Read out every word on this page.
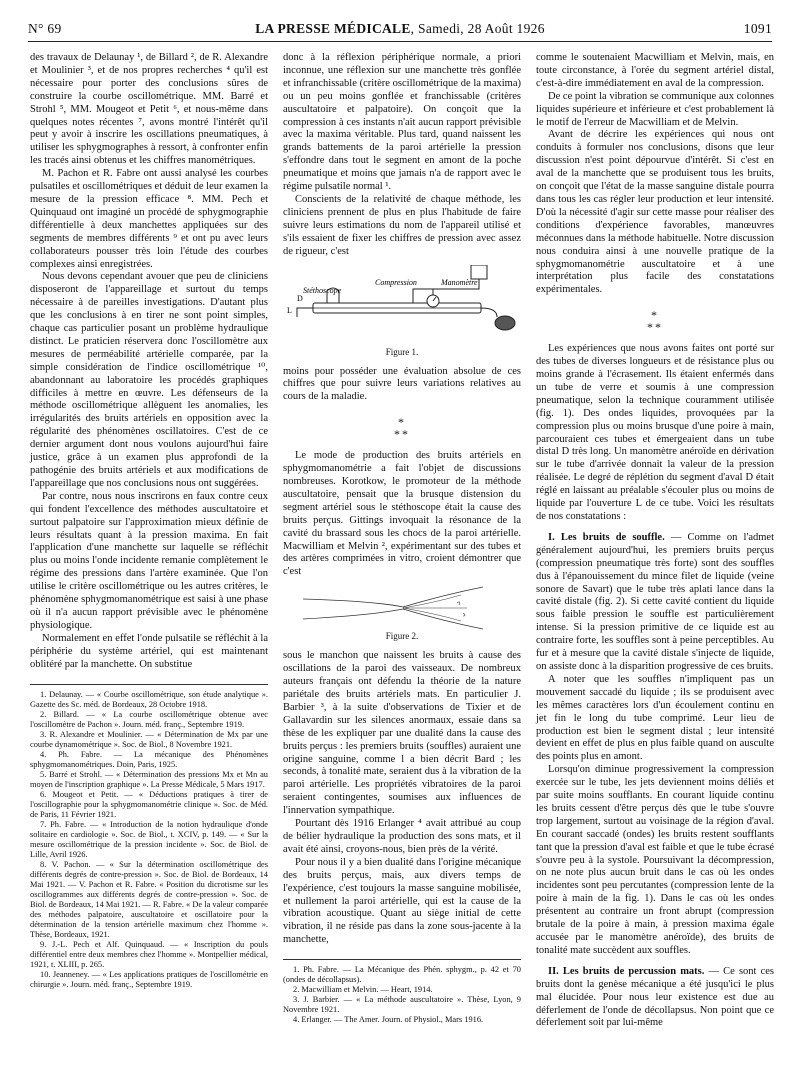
N° 69	LA PRESSE MÉDICALE, Samedi, 28 Août 1926	1091

des travaux de Delaunay ¹, de Billard ², de R. Alexandre et Moulinier ³, et de nos propres recherches ⁴ qu'il est nécessaire pour porter des conclusions sûres de construire la courbe oscillométrique. MM. Barré et Strohl ⁵, MM. Mougeot et Petit ⁶, et nous-même dans quelques notes récentes ⁷, avons montré l'intérêt qu'il peut y avoir à inscrire les oscillations pneumatiques, à utiliser les sphygmographes à ressort, à confronter enfin les tracés ainsi obtenus et les chiffres manométriques.

M. Pachon et R. Fabre ont aussi analysé les courbes pulsatiles et oscillométriques et déduit de leur examen la mesure de la pression efficace ⁸. MM. Pech et Quinquaud ont imaginé un procédé de sphygmographie différentielle à deux manchettes appliquées sur des segments de membres différents ⁹ et ont pu avec leurs collaborateurs pousser très loin l'étude des courbes complexes ainsi enregistrées.

Nous devons cependant avouer que peu de cliniciens disposeront de l'appareillage et surtout du temps nécessaire à de pareilles investigations. D'autant plus que les conclusions à en tirer ne sont point simples, chaque cas particulier posant un problème hydraulique distinct. Le praticien réservera donc l'oscillomètre aux mesures de perméabilité artérielle comparée, par la simple considération de l'indice oscillométrique ¹⁰, abandonnant au laboratoire les procédés graphiques difficiles à mettre en œuvre. Les défenseurs de la méthode oscillométrique allèguent les anomalies, les irrégularités des bruits artériels en opposition avec la régularité des phénomènes oscillatoires. C'est de ce dernier argument dont nous voulons aujourd'hui faire justice, grâce à un examen plus approfondi de la pathogénie des bruits artériels et aux modifications de l'appareillage que nos conclusions nous ont suggérées.

Par contre, nous nous inscrirons en faux contre ceux qui fondent l'excellence des méthodes auscultatoire et surtout palpatoire sur l'approximation mieux définie de leurs résultats quant à la pression maxima. En fait l'application d'une manchette sur laquelle se réfléchit plus ou moins l'onde incidente remanie complètement le régime des pressions dans l'artère examinée. Que l'on utilise le critère oscillométrique ou les autres critères, le phénomène sphygmomanométrique est saisi à une phase où il n'a aucun rapport prévisible avec le phénomène physiologique.

Normalement en effet l'onde pulsatile se réfléchit à la périphérie du système artériel, qui est maintenant oblitéré par la manchette. On substitue

1. Delaunay. — « Courbe oscillométrique, son étude analytique ». Gazette des Sc. méd. de Bordeaux, 28 Octobre 1918.
2. Billard. — « La courbe oscillométrique obtenue avec l'oscillomètre de Pachon ». Journ. méd. franç., Septembre 1919.
3. R. Alexandre et Moulinier. — « Détermination de Mx par une courbe dynamométrique ». Soc. de Biol., 8 Novembre 1921.
4. Ph. Fabre. — La mécanique des Phénomènes sphygmomanométriques. Doin, Paris, 1925.
5. Barré et Strohl. — « Détermination des pressions Mx et Mn au moyen de l'inscription graphique ». La Presse Médicale, 5 Mars 1917.
6. Mougeot et Petit. — « Déductions pratiques à tirer de l'oscillographie pour la sphygmomanométrie clinique ». Soc. de Méd. de Paris, 11 Février 1921.
7. Ph. Fabre. — « Introduction de la notion hydraulique d'onde solitaire en cardiologie ». Soc. de Biol., t. XCIV, p. 149. — « Sur la mesure oscillométrique de la pression incidente ». Soc. de Biol. de Lille, Avril 1926.
8. V. Pachon. — « Sur la détermination oscillométrique des différents degrés de contre-pression ». Soc. de Biol. de Bordeaux, 14 Mai 1921. — V. Pachon et R. Fabre. « Position du dicrotisme sur les oscillogrammes aux différents degrés de contre-pression ». Soc. de Biol. de Bordeaux, 14 Mai 1921. — R. Fabre. « De la valeur comparée des méthodes palpatoire, auscultatoire et oscillatoire pour la détermination de la tension artérielle maximum chez l'homme ». Thèse, Bordeaux, 1921.
9. J.-L. Pech et Alf. Quinquaud. — « Inscription du pouls différentiel entre deux membres chez l'homme ». Montpellier médical, 1921, t. XLIII, p. 265.
10. Jeanneney. — « Les applications pratiques de l'oscillométrie en chirurgie ». Journ. méd. franç., Septembre 1919.

donc à la réflexion périphérique normale, a priori inconnue, une réflexion sur une manchette très gonflée et infranchissable (critère oscillométrique de la maxima) ou un peu moins gonflée et franchissable (critères auscultatoire et palpatoire). On conçoit que la compression à ces instants n'ait aucun rapport prévisible avec la maxima véritable. Plus tard, quand naissent les grands battements de la paroi artérielle la pression s'effondre dans tout le segment en amont de la poche pneumatique et moins que jamais n'a de rapport avec le régime pulsatile normal ¹.

Conscients de la relativité de chaque méthode, les cliniciens prennent de plus en plus l'habitude de faire suivre leurs estimations du nom de l'appareil utilisé et s'ils essaient de fixer les chiffres de pression avec assez de rigueur, c'est

Compression	Manomètre
Stéthoscope
L
D

Figure 1.

moins pour posséder une évaluation absolue de ces chiffres que pour suivre leurs variations relatives au cours de la maladie.

*
**

Le mode de production des bruits artériels en sphygmomanométrie a fait l'objet de discussions nombreuses. Korotkow, le promoteur de la méthode auscultatoire, pensait que la brusque distension du segment artériel sous le stéthoscope était la cause des bruits perçus. Gittings invoquait la résonance de la cavité du brassard sous les chocs de la paroi artérielle. Macwilliam et Melvin ², expérimentant sur des tubes et des artères comprimées in vitro, croient démontrer que c'est

Figure 2.

sous le manchon que naissent les bruits à cause des oscillations de la paroi des vaisseaux. De nombreux auteurs français ont défendu la théorie de la nature pariétale des bruits artériels mats. En particulier J. Barbier ³, à la suite d'observations de Tixier et de Gallavardin sur les silences anormaux, essaie dans sa thèse de les expliquer par une dualité dans la cause des bruits perçus : les premiers bruits (souffles) auraient une origine sanguine, comme l a bien décrit Bard ; les seconds, à tonalité mate, seraient dus à la vibration de la paroi artérielle. Les propriétés vibratoires de la paroi seraient contingentes, soumises aux influences de l'innervation sympathique.

Pourtant dès 1916 Erlanger ⁴ avait attribué au coup de bélier hydraulique la production des sons mats, et il avait été ainsi, croyons-nous, bien près de la vérité.

Pour nous il y a bien dualité dans l'origine mécanique des bruits perçus, mais, aux divers temps de l'expérience, c'est toujours la masse sanguine mobilisée, et nullement la paroi artérielle, qui est la cause de la vibration acoustique. Quant au siège initial de cette vibration, il ne réside pas dans la zone sous-jacente à la manchette,

1. Ph. Fabre. — La Mécanique des Phén. sphygm., p. 42 et 70 (ondes de décollapsus).
2. Macwilliam et Melvin. — Heart, 1914.
3. J. Barbier. — « La méthode auscultatoire ». Thèse, Lyon, 9 Novembre 1921.
4. Erlanger. — The Amer. Journ. of Physiol., Mars 1916.

comme le soutenaient Macwilliam et Melvin, mais, en toute circonstance, à l'orée du segment artériel distal, c'est-à-dire immédiatement en aval de la compression.

De ce point la vibration se communique aux colonnes liquides supérieure et inférieure et c'est probablement là le motif de l'erreur de Macwilliam et de Melvin.

Avant de décrire les expériences qui nous ont conduits à formuler nos conclusions, disons que leur discussion n'est point dépourvue d'intérêt. Si c'est en aval de la manchette que se produisent tous les bruits, on conçoit que l'état de la masse sanguine distale pourra dans tous les cas régler leur production et leur intensité. D'où la nécessité d'agir sur cette masse pour réaliser des conditions d'expérience favorables, manœuvres méconnues dans la méthode habituelle. Notre discussion nous conduira ainsi à une nouvelle pratique de la sphygmomanométrie auscultatoire et à une interprétation plus facile des constatations expérimentales.

*
**

Les expériences que nous avons faites ont porté sur des tubes de diverses longueurs et de résistance plus ou moins grande à l'écrasement. Ils étaient enfermés dans un tube de verre et soumis à une compression pneumatique, selon la technique couramment utilisée (fig. 1). Des ondes liquides, provoquées par la compression plus ou moins brusque d'une poire à main, parcouraient ces tubes et émergeaient dans un tube distal D très long. Un manomètre anéroïde en dérivation sur le tube d'arrivée donnait la valeur de la pression réalisée. Le degré de réplétion du segment d'aval D était réglé en laissant au préalable s'écouler plus ou moins de liquide par l'ouverture L de ce tube. Voici les résultats de nos constatations :

I. Les bruits de souffle. — Comme on l'admet généralement aujourd'hui, les premiers bruits perçus (compression pneumatique très forte) sont des souffles dus à l'épanouissement du mince filet de liquide (veine sonore de Savart) que le tube très aplati lance dans la cavité distale (fig. 2). Si cette cavité contient du liquide sous faible pression le souffle est particulièrement intense. Si la pression primitive de ce liquide est au contraire forte, les souffles sont à peine perceptibles. Au fur et à mesure que la cavité distale s'injecte de liquide, on assiste donc à la disparition progressive de ces bruits.

A noter que les souffles n'impliquent pas un mouvement saccadé du liquide ; ils se produisent avec les mêmes caractères lors d'un écoulement continu en jet fin le long du tube comprimé. Leur lieu de production est bien le segment distal ; leur intensité devient en effet de plus en plus faible quand on ausculte des points plus en amont.

Lorsqu'on diminue progressivement la compression exercée sur le tube, les jets deviennent moins déliés et par suite moins soufflants. En courant liquide continu les bruits cessent d'être perçus dès que le tube s'ouvre trop largement, surtout au voisinage de la région d'aval. En courant saccadé (ondes) les bruits restent soufflants tant que la pression d'aval est faible et que le tube écrasé s'ouvre peu à la systole. Poursuivant la décompression, on ne note plus aucun bruit dans le cas où les ondes incidentes sont peu percutantes (compression lente de la poire à main de la fig. 1). Dans le cas où les ondes présentent au contraire un front abrupt (compression brutale de la poire à main, à pression maxima égale accusée par le manomètre anéroïde), des bruits de tonalité mate succèdent aux souffles.

II. Les bruits de percussion mats. — Ce sont ces bruits dont la genèse mécanique a été jusqu'ici le plus mal élucidée. Pour nous leur existence est due au déferlement de l'onde de décollapsus. Non point que ce déferlement soit par lui-même
